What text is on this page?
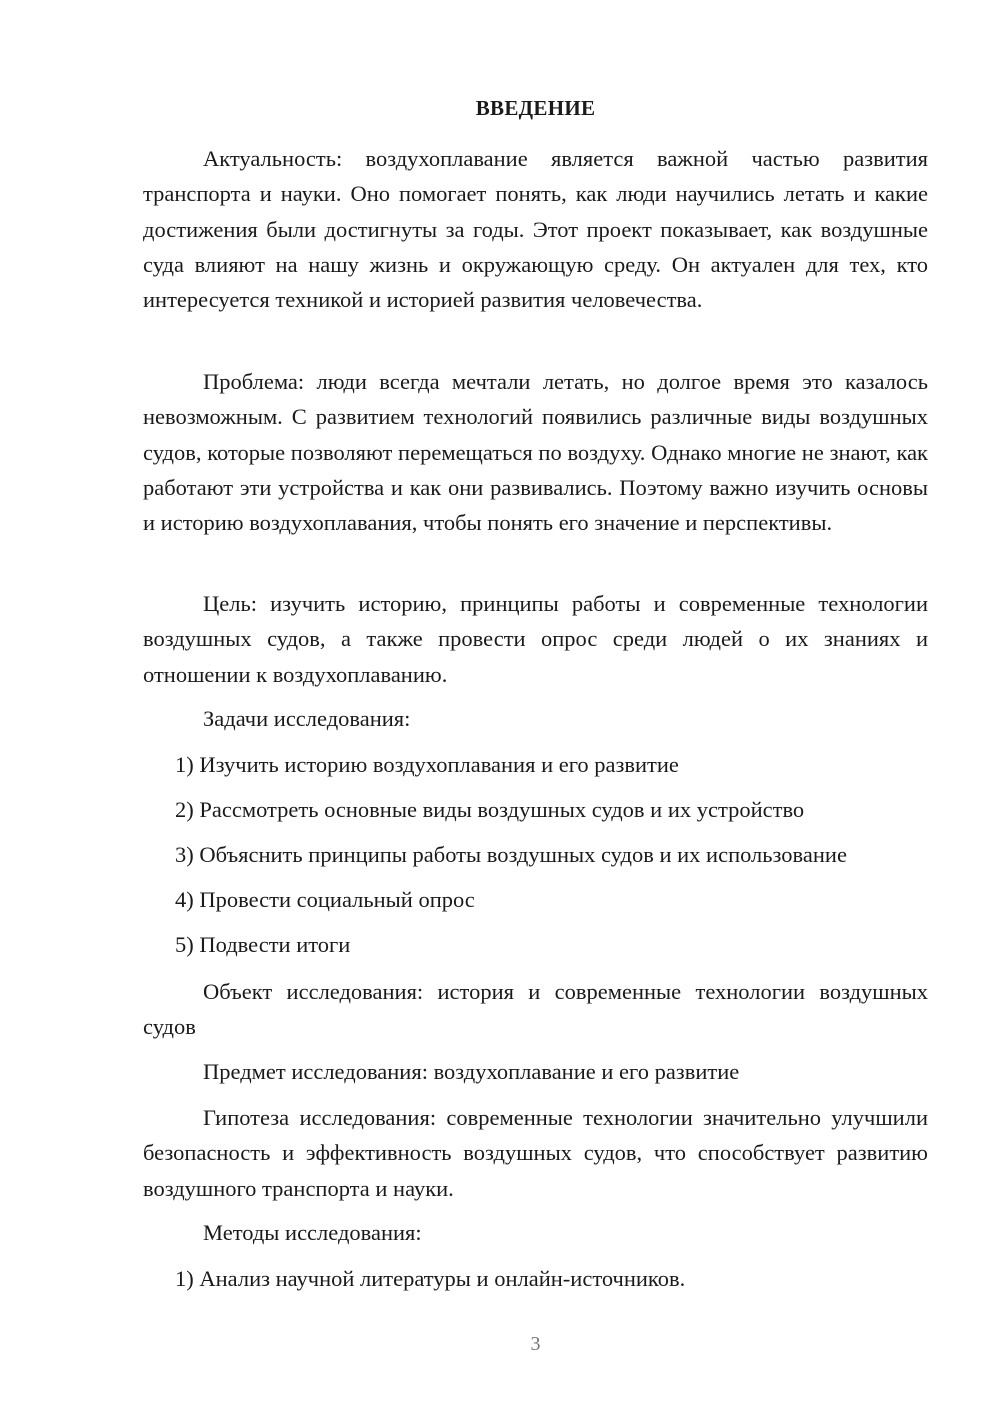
ВВЕДЕНИЕ

Актуальность: воздухоплавание является важной частью развития транспорта и науки. Оно помогает понять, как люди научились летать и какие достижения были достигнуты за годы. Этот проект показывает, как воздушные суда влияют на нашу жизнь и окружающую среду. Он актуален для тех, кто интересуется техникой и историей развития человечества.

Проблема: люди всегда мечтали летать, но долгое время это казалось невозможным. С развитием технологий появились различные виды воздушных судов, которые позволяют перемещаться по воздуху. Однако многие не знают, как работают эти устройства и как они развивались. Поэтому важно изучить основы и историю воздухоплавания, чтобы понять его значение и перспективы.

Цель: изучить историю, принципы работы и современные технологии воздушных судов, а также провести опрос среди людей о их знаниях и отношении к воздухоплаванию.

Задачи исследования:

1) Изучить историю воздухоплавания и его развитие

2) Рассмотреть основные виды воздушных судов и их устройство

3) Объяснить принципы работы воздушных судов и их использование

4) Провести социальный опрос

5) Подвести итоги

Объект исследования: история и современные технологии воздушных судов

Предмет исследования: воздухоплавание и его развитие

Гипотеза исследования: современные технологии значительно улучшили безопасность и эффективность воздушных судов, что способствует развитию воздушного транспорта и науки.

Методы исследования:

1) Анализ научной литературы и онлайн-источников.

3
